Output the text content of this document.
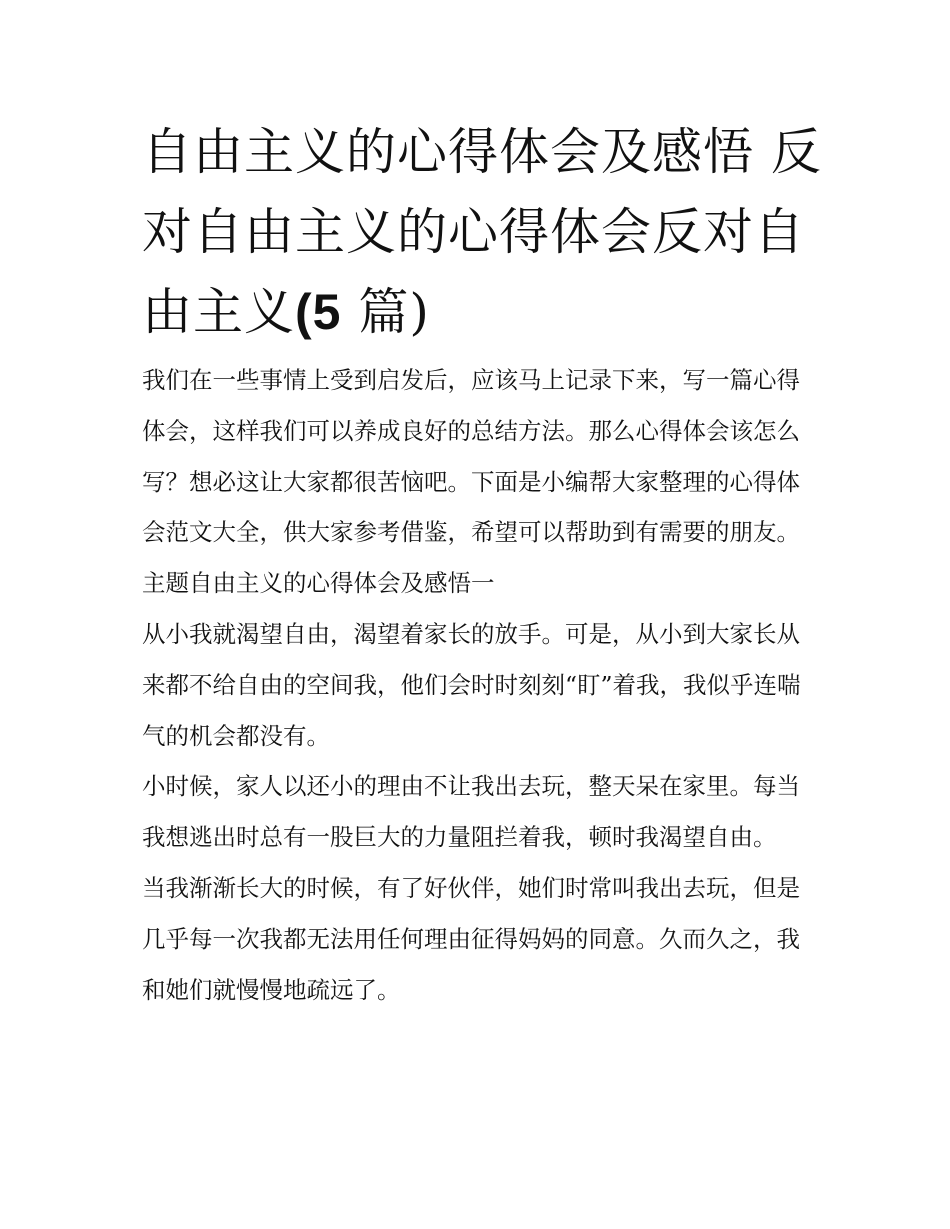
自由主义的心得体会及感悟 反对自由主义的心得体会反对自由主义(5 篇)

我们在一些事情上受到启发后，应该马上记录下来，写一篇心得体会，这样我们可以养成良好的总结方法。那么心得体会该怎么写？想必这让大家都很苦恼吧。下面是小编帮大家整理的心得体会范文大全，供大家参考借鉴，希望可以帮助到有需要的朋友。

主题自由主义的心得体会及感悟一

从小我就渴望自由，渴望着家长的放手。可是，从小到大家长从来都不给自由的空间我，他们会时时刻刻“盯”着我，我似乎连喘气的机会都没有。

小时候，家人以还小的理由不让我出去玩，整天呆在家里。每当我想逃出时总有一股巨大的力量阻拦着我，顿时我渴望自由。

当我渐渐长大的时候，有了好伙伴，她们时常叫我出去玩，但是几乎每一次我都无法用任何理由征得妈妈的同意。久而久之，我和她们就慢慢地疏远了。
